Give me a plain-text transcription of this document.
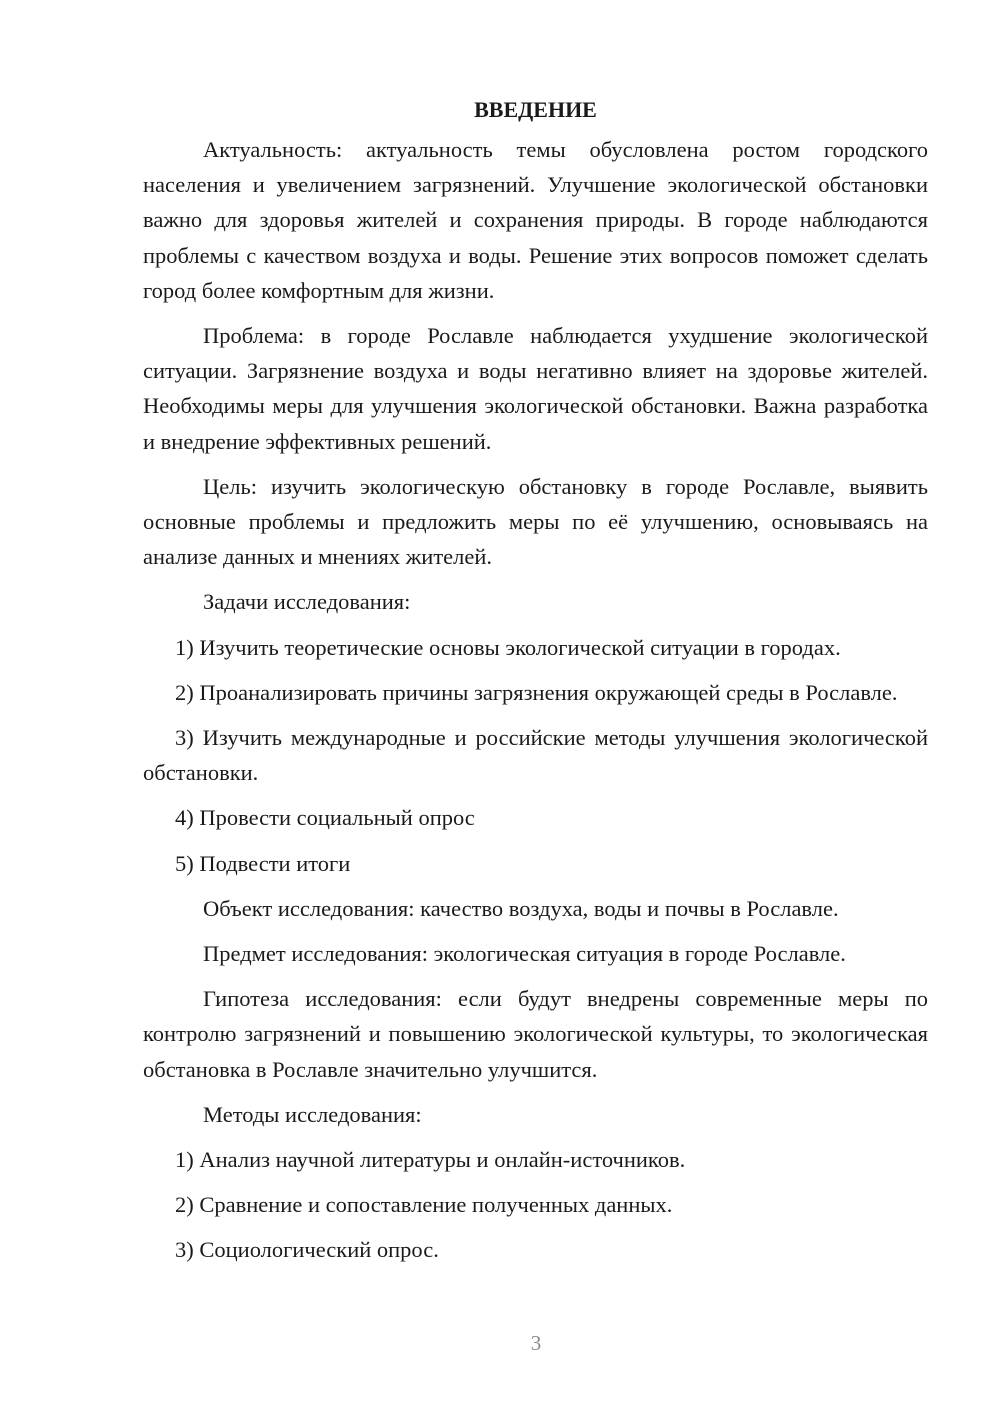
ВВЕДЕНИЕ

Актуальность: актуальность темы обусловлена ростом городского населения и увеличением загрязнений. Улучшение экологической обстановки важно для здоровья жителей и сохранения природы. В городе наблюдаются проблемы с качеством воздуха и воды. Решение этих вопросов поможет сделать город более комфортным для жизни.

Проблема: в городе Рославле наблюдается ухудшение экологической ситуации. Загрязнение воздуха и воды негативно влияет на здоровье жителей. Необходимы меры для улучшения экологической обстановки. Важна разработка и внедрение эффективных решений.

Цель: изучить экологическую обстановку в городе Рославле, выявить основные проблемы и предложить меры по её улучшению, основываясь на анализе данных и мнениях жителей.

Задачи исследования:

1) Изучить теоретические основы экологической ситуации в городах.

2) Проанализировать причины загрязнения окружающей среды в Рославле.

3) Изучить международные и российские методы улучшения экологической обстановки.

4) Провести социальный опрос

5) Подвести итоги

Объект исследования: качество воздуха, воды и почвы в Рославле.

Предмет исследования: экологическая ситуация в городе Рославле.

Гипотеза исследования: если будут внедрены современные меры по контролю загрязнений и повышению экологической культуры, то экологическая обстановка в Рославле значительно улучшится.

Методы исследования:

1) Анализ научной литературы и онлайн-источников.

2) Сравнение и сопоставление полученных данных.

3) Социологический опрос.

3
